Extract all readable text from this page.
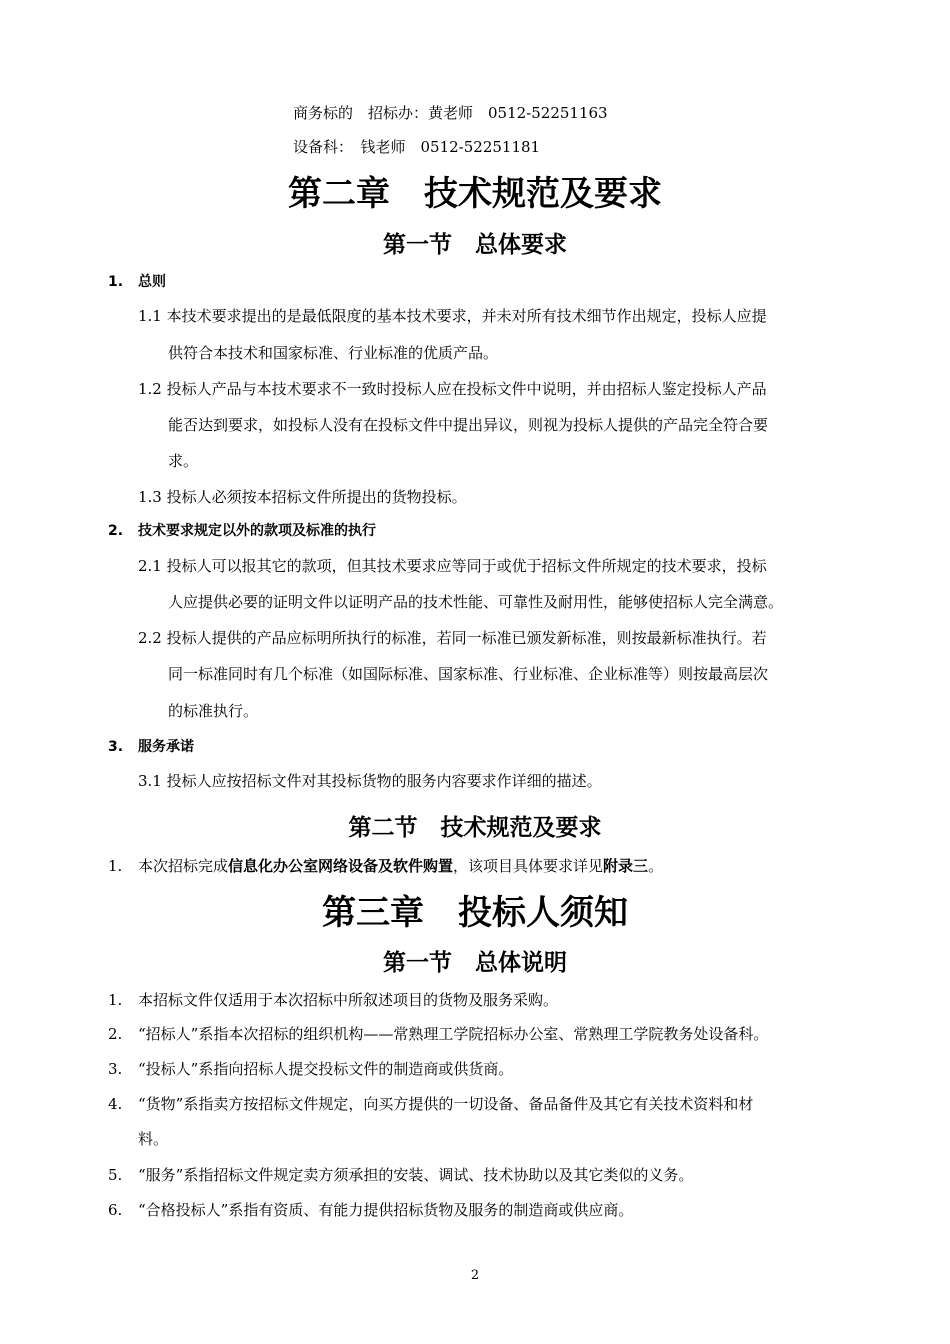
商务标的　招标办：黄老师　0512-52251163
设备科：　钱老师　0512-52251181
第二章　技术规范及要求
第一节　总体要求
1. 总则
1.1 本技术要求提出的是最低限度的基本技术要求，并未对所有技术细节作出规定，投标人应提
供符合本技术和国家标准、行业标准的优质产品。
1.2 投标人产品与本技术要求不一致时投标人应在投标文件中说明，并由招标人鉴定投标人产品
能否达到要求，如投标人没有在投标文件中提出异议，则视为投标人提供的产品完全符合要
求。
1.3 投标人必须按本招标文件所提出的货物投标。
2. 技术要求规定以外的款项及标准的执行
2.1 投标人可以报其它的款项，但其技术要求应等同于或优于招标文件所规定的技术要求，投标
人应提供必要的证明文件以证明产品的技术性能、可靠性及耐用性，能够使招标人完全满意。
2.2 投标人提供的产品应标明所执行的标准，若同一标准已颁发新标准，则按最新标准执行。若
同一标准同时有几个标准（如国际标准、国家标准、行业标准、企业标准等）则按最高层次
的标准执行。
3. 服务承诺
3.1 投标人应按招标文件对其投标货物的服务内容要求作详细的描述。
第二节　技术规范及要求
1. 本次招标完成信息化办公室网络设备及软件购置，该项目具体要求详见附录三。
第三章　投标人须知
第一节　总体说明
1. 本招标文件仅适用于本次招标中所叙述项目的货物及服务采购。
2. “招标人”系指本次招标的组织机构——常熟理工学院招标办公室、常熟理工学院教务处设备科。
3. “投标人”系指向招标人提交投标文件的制造商或供货商。
4. “货物”系指卖方按招标文件规定，向买方提供的一切设备、备品备件及其它有关技术资料和材
料。
5. “服务”系指招标文件规定卖方须承担的安装、调试、技术协助以及其它类似的义务。
6. “合格投标人”系指有资质、有能力提供招标货物及服务的制造商或供应商。
2
